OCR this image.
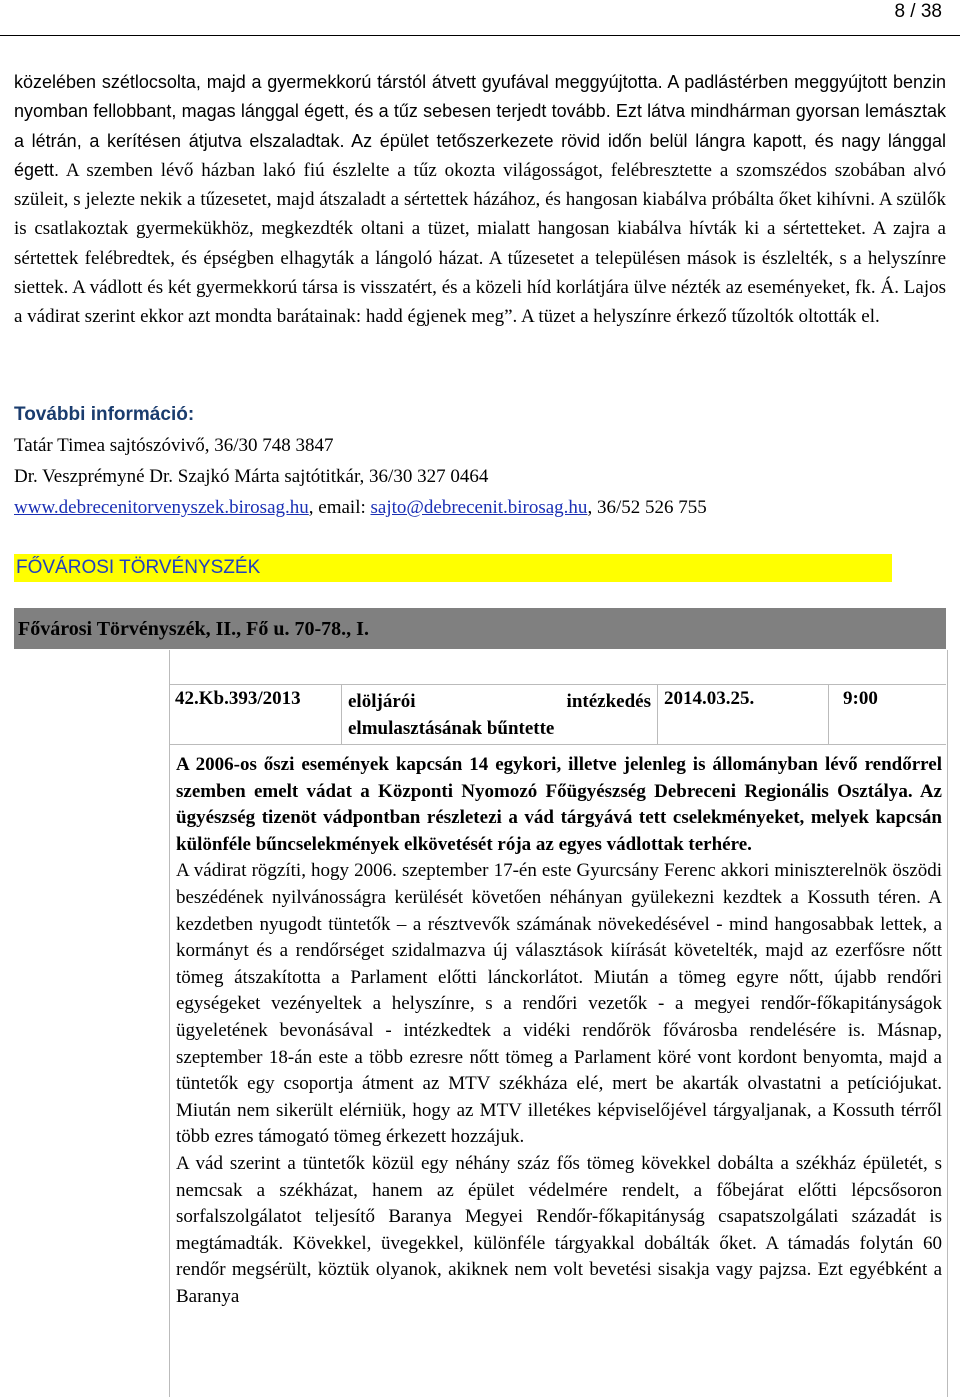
8 / 38

közelében szétlocsolta, majd a gyermekkorú társtól átvett gyufával meggyújtotta. A padlástérben meggyújtott benzin nyomban fellobbant, magas lánggal égett, és a tűz sebesen terjedt tovább. Ezt látva mindhárman gyorsan lemásztak a létrán, a kerítésen átjutva elszaladtak. Az épület tetőszerkezete rövid időn belül lángra kapott, és nagy lánggal égett. A szemben lévő házban lakó fiú észlelte a tűz okozta világosságot, felébresztette a szomszédos szobában alvó szüleit, s jelezte nekik a tűzesetet, majd átszaladt a sértettek házához, és hangosan kiabálva próbálta őket kihívni. A szülők is csatlakoztak gyermekükhöz, megkezdték oltani a tüzet, mialatt hangosan kiabálva hívták ki a sértetteket. A zajra a sértettek felébredtek, és épségben elhagyták a lángoló házat. A tűzesetet a településen mások is észlelték, s a helyszínre siettek. A vádlott és két gyermekkorú társa is visszatért, és a közeli híd korlátjára ülve nézték az eseményeket, fk. Á. Lajos a vádirat szerint ekkor azt mondta barátainak: hadd égjenek meg”. A tüzet a helyszínre érkező tűzoltók oltották el.

További információ:
Tatár Timea sajtószóvivő, 36/30 748 3847
Dr. Veszprémyné Dr. Szajkó Márta sajtótitkár, 36/30 327 0464
www.debrecenitorvenyszek.birosag.hu, email: sajto@debrecenit.birosag.hu, 36/52 526 755
FŐVÁROSI TÖRVÉNYSZÉK
Fővárosi Törvényszék, II., Fő u. 70-78., I.
42.Kb.393/2013	elöljárói intézkedés
elmulasztásának bűntette
2014.03.25.	9:00

A 2006-os őszi események kapcsán 14 egykori, illetve jelenleg is állományban lévő rendőrrel szemben emelt vádat a Központi Nyomozó Főügyészség Debreceni Regionális Osztálya. Az ügyészség tizenöt vádpontban részletezi a vád tárgyává tett cselekményeket, melyek kapcsán különféle bűncselekmények elkövetését rója az egyes vádlottak terhére.

A vádirat rögzíti, hogy 2006. szeptember 17-én este Gyurcsány Ferenc akkori miniszterelnök öszödi beszédének nyilvánosságra kerülését követően néhányan gyülekezni kezdtek a Kossuth téren. A kezdetben nyugodt tüntetők – a résztvevők számának növekedésével - mind hangosabbak lettek, a kormányt és a rendőrséget szidalmazva új választások kiírását követelték, majd az ezerfősre nőtt tömeg átszakította a Parlament előtti lánckorlátot. Miután a tömeg egyre nőtt, újabb rendőri egységeket vezényeltek a helyszínre, s a rendőri vezetők - a megyei rendőr-főkapitányságok ügyeletének bevonásával - intézkedtek a vidéki rendőrök fővárosba rendelésére is. Másnap, szeptember 18-án este a több ezresre nőtt tömeg a Parlament köré vont kordont benyomta, majd a tüntetők egy csoportja átment az MTV székháza elé, mert be akarták olvastatni a petíciójukat. Miután nem sikerült elérniük, hogy az MTV illetékes képviselőjével tárgyaljanak, a Kossuth térről több ezres támogató tömeg érkezett hozzájuk.

A vád szerint a tüntetők közül egy néhány száz fős tömeg kövekkel dobálta a székház épületét, s nemcsak a székházat, hanem az épület védelmére rendelt, a főbejárat előtti lépcsősoron sorfalszolgálatot teljesítő Baranya Megyei Rendőr-főkapitányság csapatszolgálati századát is megtámadták. Kövekkel, üvegekkel, különféle tárgyakkal dobálták őket. A támadás folytán 60 rendőr megsérült, köztük olyanok, akiknek nem volt bevetési sisakja vagy pajzsa. Ezt egyébként a Baranya
